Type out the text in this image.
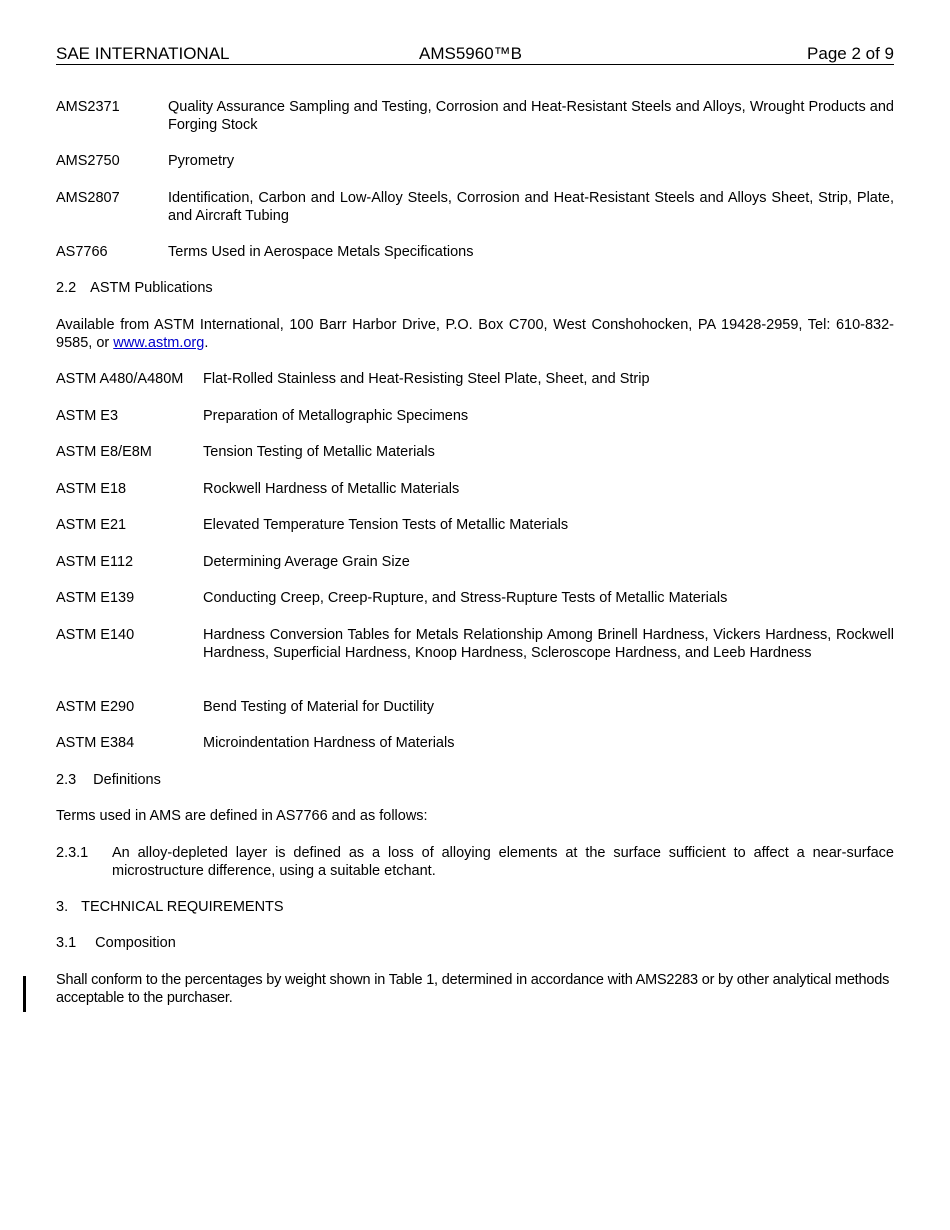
SAE INTERNATIONAL	AMS5960™B	Page 2 of 9
AMS2371	Quality Assurance Sampling and Testing, Corrosion and Heat-Resistant Steels and Alloys, Wrought Products and Forging Stock
AMS2750	Pyrometry
AMS2807	Identification, Carbon and Low-Alloy Steels, Corrosion and Heat-Resistant Steels and Alloys Sheet, Strip, Plate, and Aircraft Tubing
AS7766	Terms Used in Aerospace Metals Specifications
2.2 ASTM Publications
Available from ASTM International, 100 Barr Harbor Drive, P.O. Box C700, West Conshohocken, PA 19428-2959, Tel: 610-832-9585, or www.astm.org.
ASTM A480/A480M Flat-Rolled Stainless and Heat-Resisting Steel Plate, Sheet, and Strip
ASTM E3	Preparation of Metallographic Specimens
ASTM E8/E8M	Tension Testing of Metallic Materials
ASTM E18	Rockwell Hardness of Metallic Materials
ASTM E21	Elevated Temperature Tension Tests of Metallic Materials
ASTM E112	Determining Average Grain Size
ASTM E139	Conducting Creep, Creep-Rupture, and Stress-Rupture Tests of Metallic Materials
ASTM E140	Hardness Conversion Tables for Metals Relationship Among Brinell Hardness, Vickers Hardness, Rockwell Hardness, Superficial Hardness, Knoop Hardness, Scleroscope Hardness, and Leeb Hardness
ASTM E290	Bend Testing of Material for Ductility
ASTM E384	Microindentation Hardness of Materials
2.3 Definitions
Terms used in AMS are defined in AS7766 and as follows:
2.3.1 An alloy-depleted layer is defined as a loss of alloying elements at the surface sufficient to affect a near-surface microstructure difference, using a suitable etchant.
3. TECHNICAL REQUIREMENTS
3.1 Composition
Shall conform to the percentages by weight shown in Table 1, determined in accordance with AMS2283 or by other analytical methods acceptable to the purchaser.
